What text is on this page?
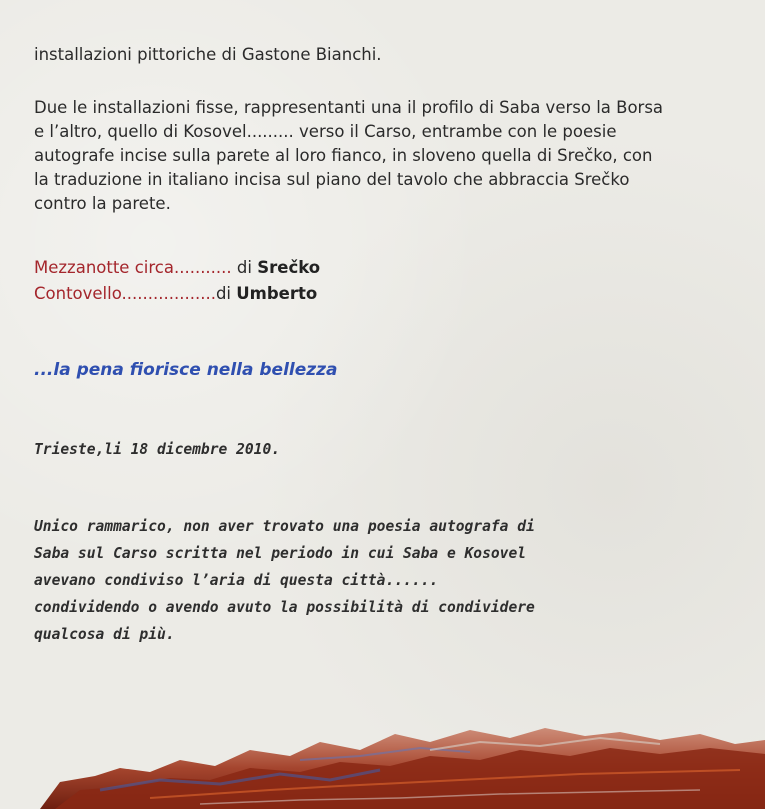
installazioni pittoriche di Gastone Bianchi.
Due le installazioni fisse, rappresentanti una il profilo di Saba verso la Borsa
e l’altro, quello di Kosovel......... verso il Carso, entrambe con le poesie
autografe incise sulla parete al loro fianco, in sloveno quella di Srečko, con
la traduzione in italiano incisa sul piano del tavolo che abbraccia Srečko
contro la parete.
Mezzanotte circa........... di Srečko
Contovello..................di Umberto
...la pena fiorisce nella bellezza
Trieste,li 18 dicembre 2010.
Unico rammarico, non aver trovato una poesia autografa di
Saba sul Carso scritta nel periodo in cui Saba e Kosovel
avevano condiviso l’aria di questa città......
condividendo o avendo avuto la possibilità di condividere
qualcosa di più.
